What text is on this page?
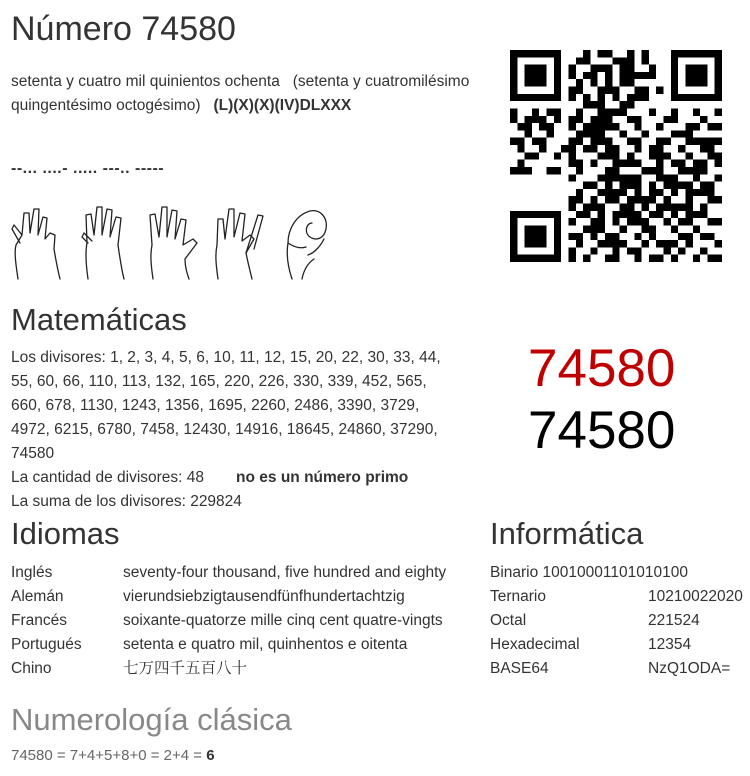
Número 74580
setenta y cuatro mil quinientos ochenta (setenta y cuatromilésimo quingentésimo octogésimo) (L)(X)(X)(IV)DLXXX
--... ....- ..... ---.. -----
Matemáticas
Los divisores: 1, 2, 3, 4, 5, 6, 10, 11, 12, 15, 20, 22, 30, 33, 44, 55, 60, 66, 110, 113, 132, 165, 220, 226, 330, 339, 452, 565, 660, 678, 1130, 1243, 1356, 1695, 2260, 2486, 3390, 3729, 4972, 6215, 6780, 7458, 12430, 14916, 18645, 24860, 37290, 74580
La cantidad de divisores: 48 no es un número primo
La suma de los divisores: 229824
74580
74580
Idiomas
Inglés	seventy-four thousand, five hundred and eighty
Alemán	vierundsiebzigtausendfünfhundertachtzig
Francés	soixante-quatorze mille cinq cent quatre-vingts
Portugués	setenta e quatro mil, quinhentos e oitenta
Chino	七万四千五百八十
Informática
Binario 10010001101010100
Ternario	10210022020
Octal	221524
Hexadecimal	12354
BASE64	NzQ1ODA=
Numerología clásica
74580 = 7+4+5+8+0 = 2+4 = 6
